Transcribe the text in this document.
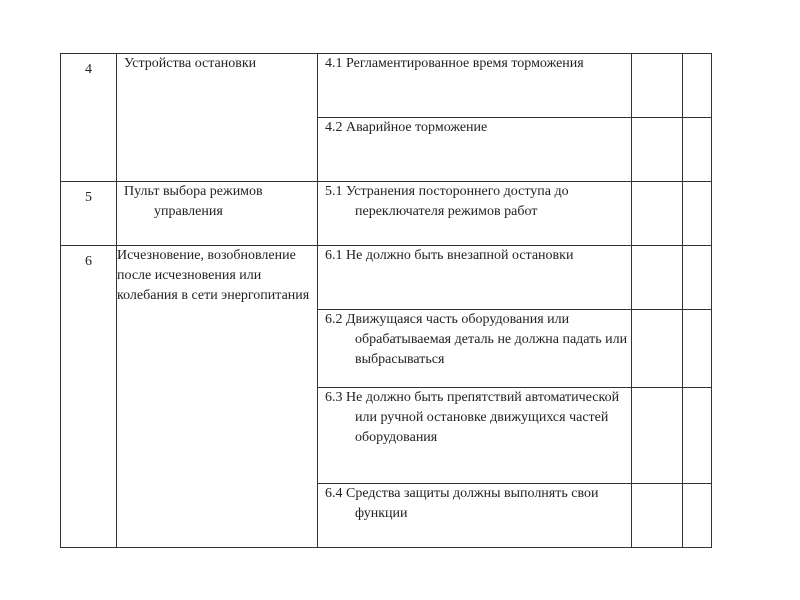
4	Устройства остановки	4.1 Регламентированное время торможения		
		4.2 Аварийное торможение		
5	Пульт выбора режимов управления	5.1 Устранения постороннего доступа до переключателя режимов работ		
6	Исчезновение, возобновление после исчезновения или колебания в сети энергопитания	6.1 Не должно быть внезапной остановки		
		6.2 Движущаяся часть оборудования или обрабатываемая деталь не должна падать или выбрасываться		
		6.3 Не должно быть препятствий автоматической или ручной остановке движущихся частей оборудования		
		6.4 Средства защиты должны выполнять свои функции		
